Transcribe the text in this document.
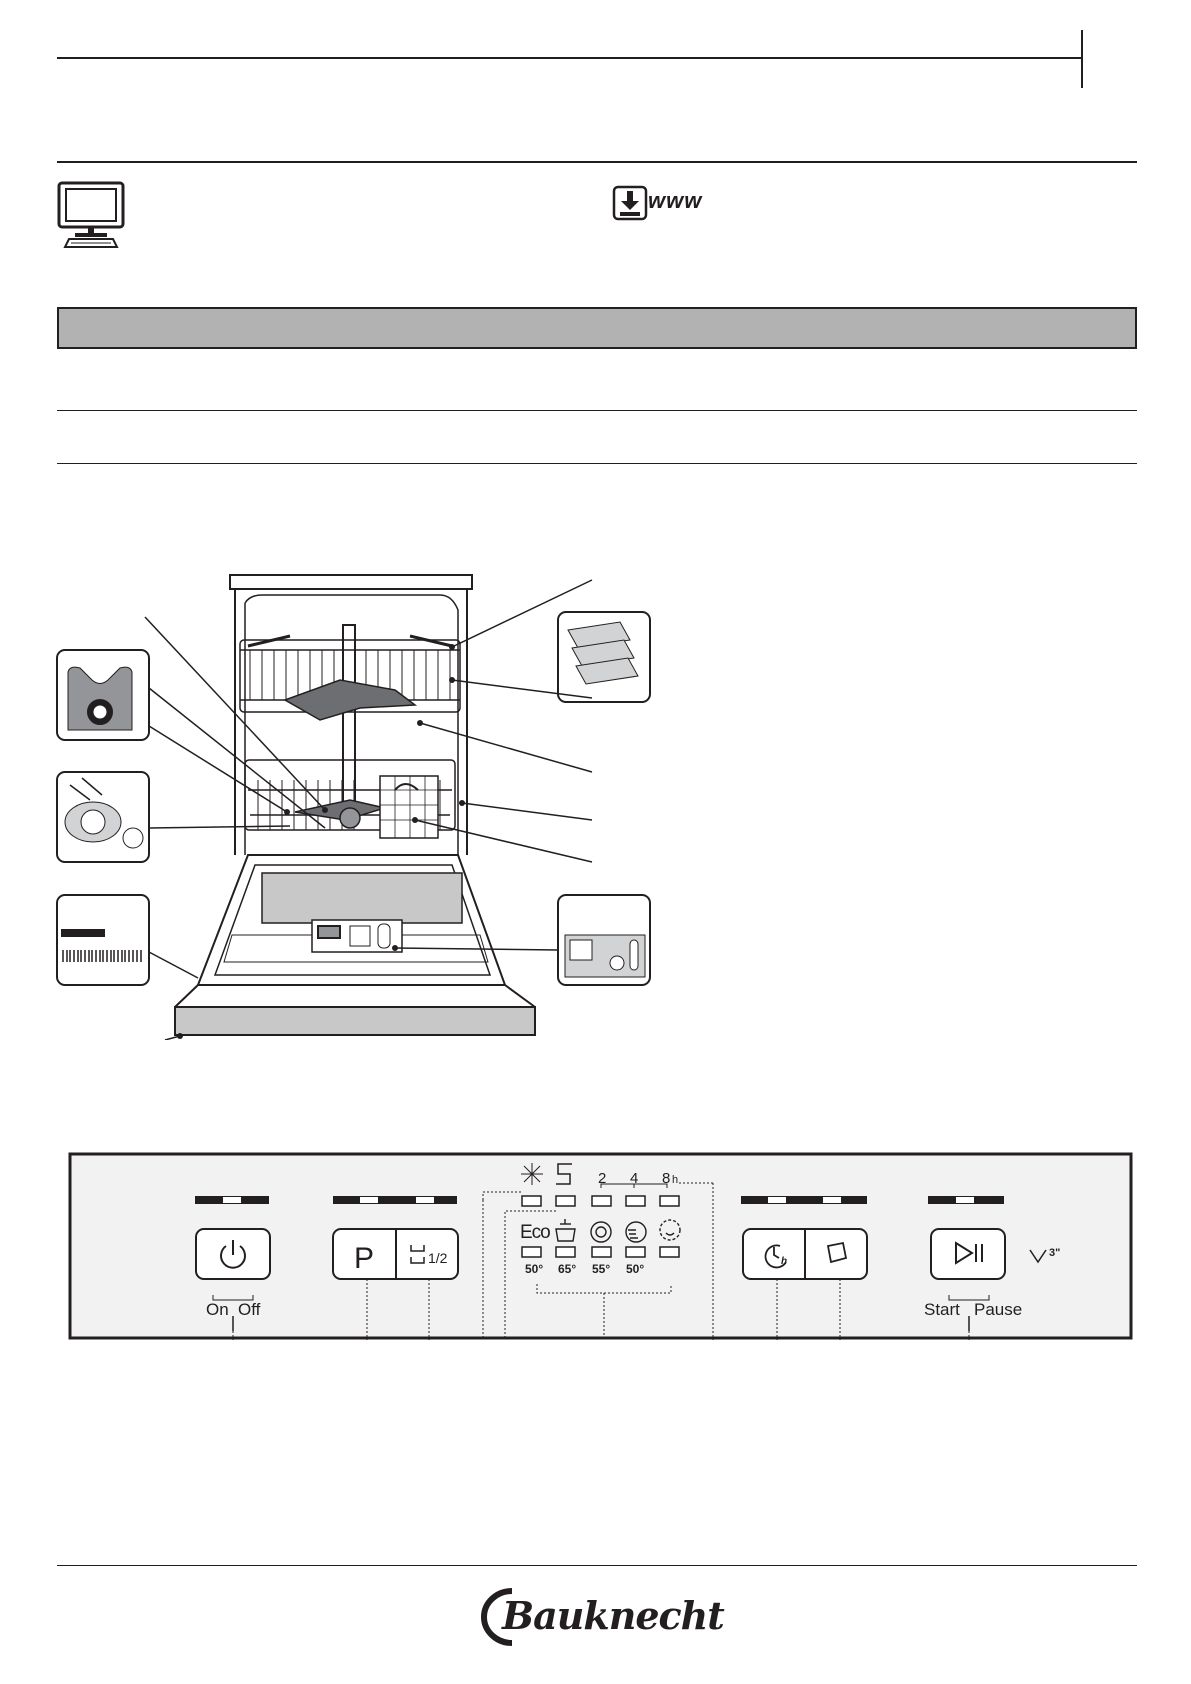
www
P	1/2	h
2 4 8 h
Eco
50° 65° 55° 50°
3"
On Off	Start Pause
Bauknecht
